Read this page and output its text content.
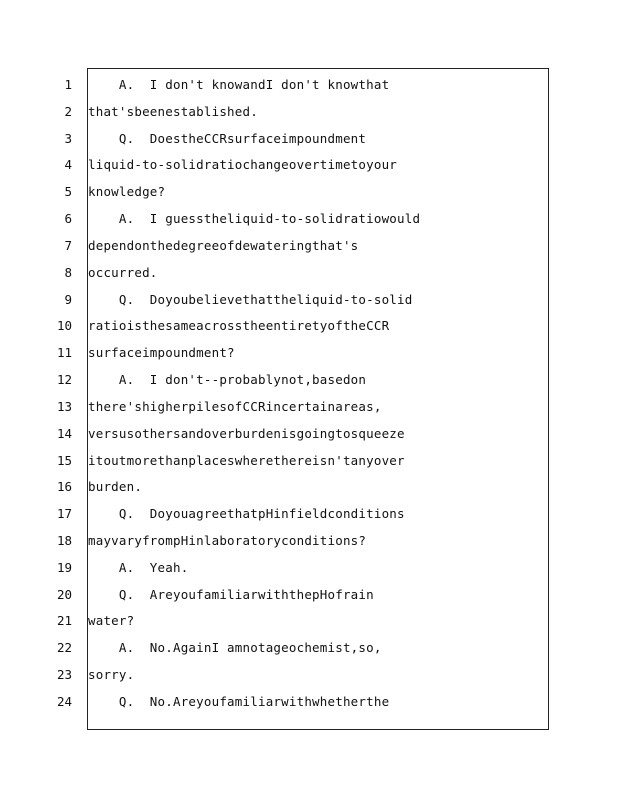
1 A.  I don't knowandI don't knowthat
2 that'sbeenestablished.
3 Q.  DoestheCCRsurfaceimpoundment
4 liquid-to-solidratiochangeovertimetoyour
5 knowledge?
6 A.  I guesstheliquid-to-solidratiowould
7 dependonthedegreeofdewateringthat's
8 occurred.
9 Q.  Doyoubelievethattheliquid-to-solid
10 ratioisthesameacrosstheentiretyoftheCCR
11 surfaceimpoundment?
12 A.  I don't--probablynot,basedon
13 there'shigherpilesofCCRincertainareas,
14 versusothersandoverburdenisgoingtosqueeze
15 itoutmorethanplaceswherethereisn'tanyover
16 burden.
17 Q.  DoyouagreethatpHinfieldconditions
18 mayvaryfrompHinlaboratoryconditions?
19 A.  Yeah.
20 Q.  AreyoufamiliarwiththepHofrain
21 water?
22 A.  No.AgainI amnotageochemist,so,
23 sorry.
24 Q.  No.Areyoufamiliarwithwhetherthe
